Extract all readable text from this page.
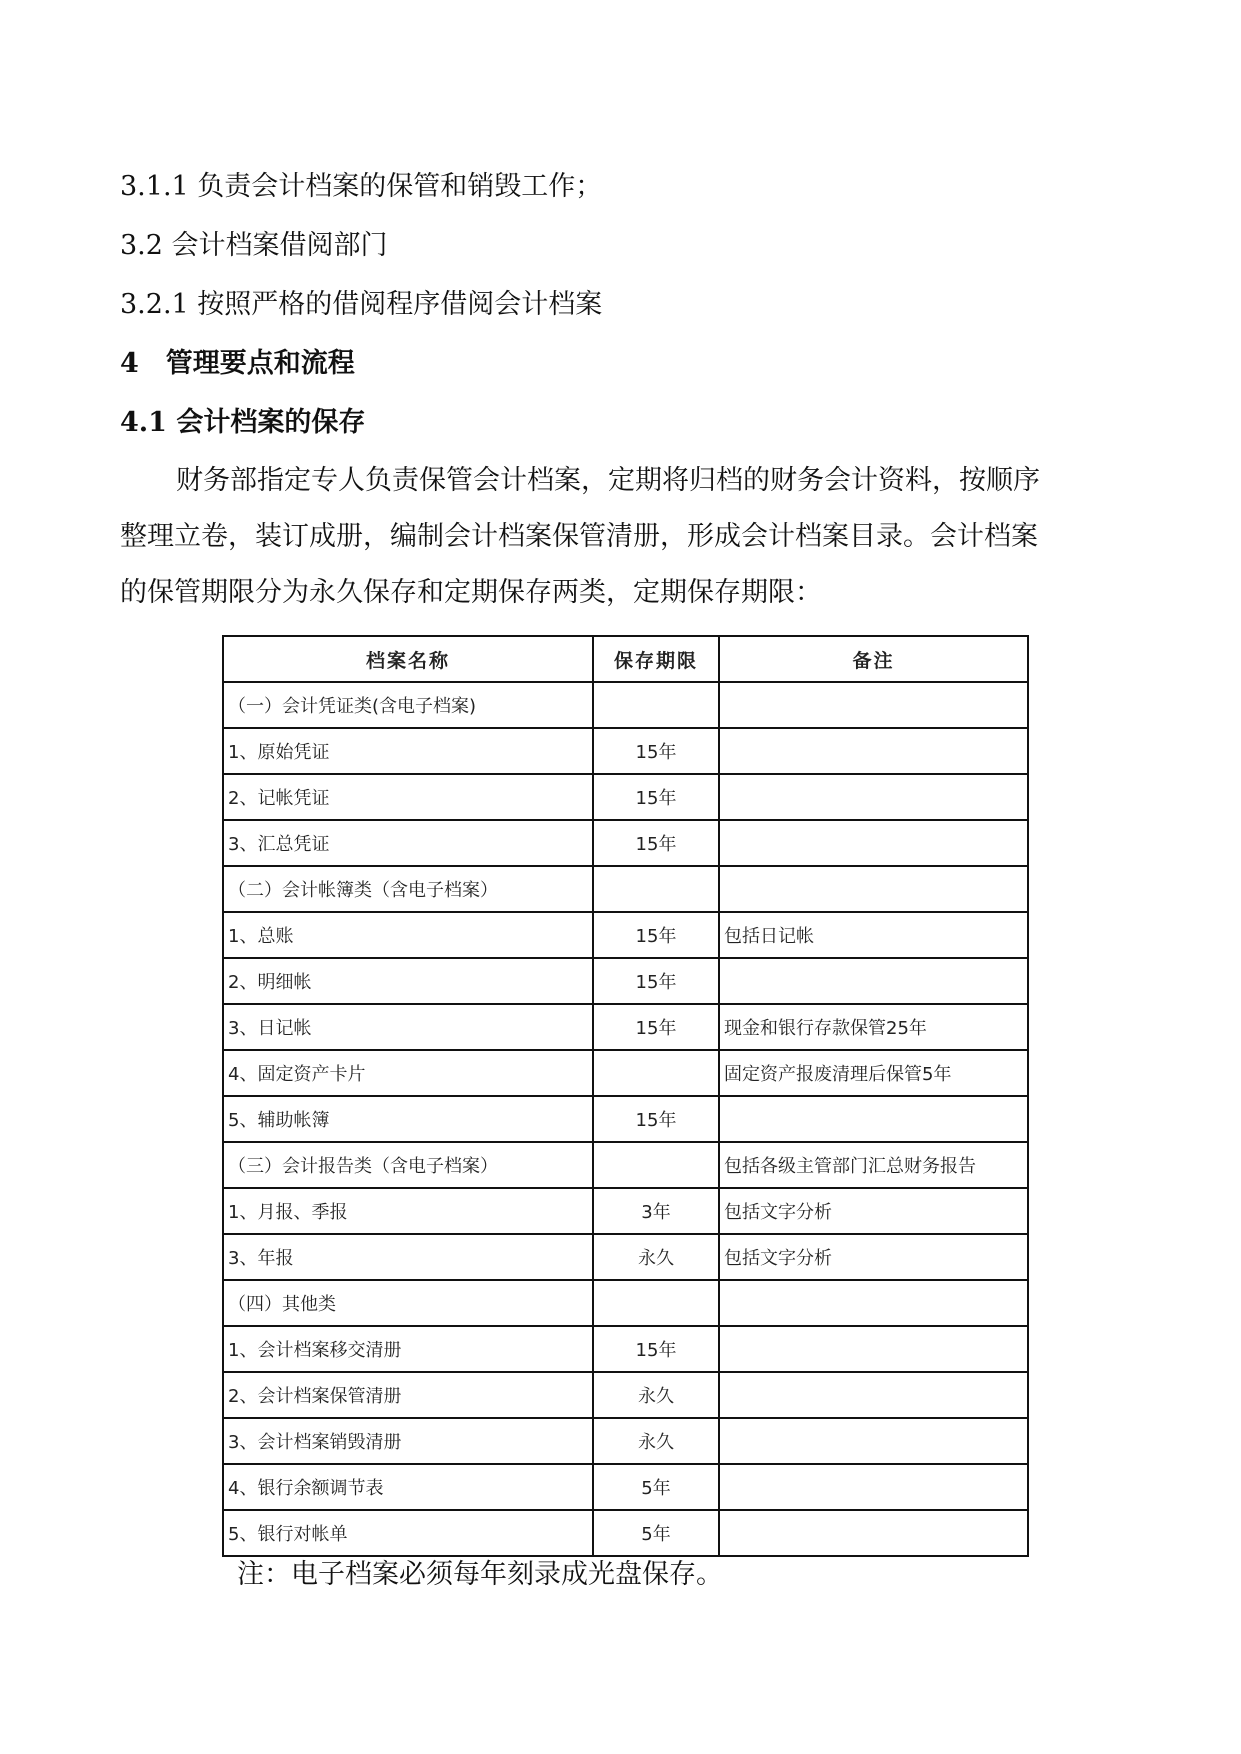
3.1.1 负责会计档案的保管和销毁工作；
3.2 会计档案借阅部门
3.2.1 按照严格的借阅程序借阅会计档案
4　管理要点和流程
4.1 会计档案的保存
财务部指定专人负责保管会计档案，定期将归档的财务会计资料，按顺序
整理立卷，装订成册，编制会计档案保管清册，形成会计档案目录。会计档案
的保管期限分为永久保存和定期保存两类，定期保存期限：
档案名称	保存期限	备注
（一）会计凭证类(含电子档案)		
1、原始凭证	15年	
2、记帐凭证	15年	
3、汇总凭证	15年	
（二）会计帐簿类（含电子档案）		
1、总账	15年	包括日记帐
2、明细帐	15年	
3、日记帐	15年	现金和银行存款保管25年
4、固定资产卡片		固定资产报废清理后保管5年
5、辅助帐簿	15年	
（三）会计报告类（含电子档案）		包括各级主管部门汇总财务报告
1、月报、季报	3年	包括文字分析
3、年报	永久	包括文字分析
（四）其他类		
1、会计档案移交清册	15年	
2、会计档案保管清册	永久	
3、会计档案销毁清册	永久	
4、银行余额调节表	5年	
5、银行对帐单	5年	
注：电子档案必须每年刻录成光盘保存。
